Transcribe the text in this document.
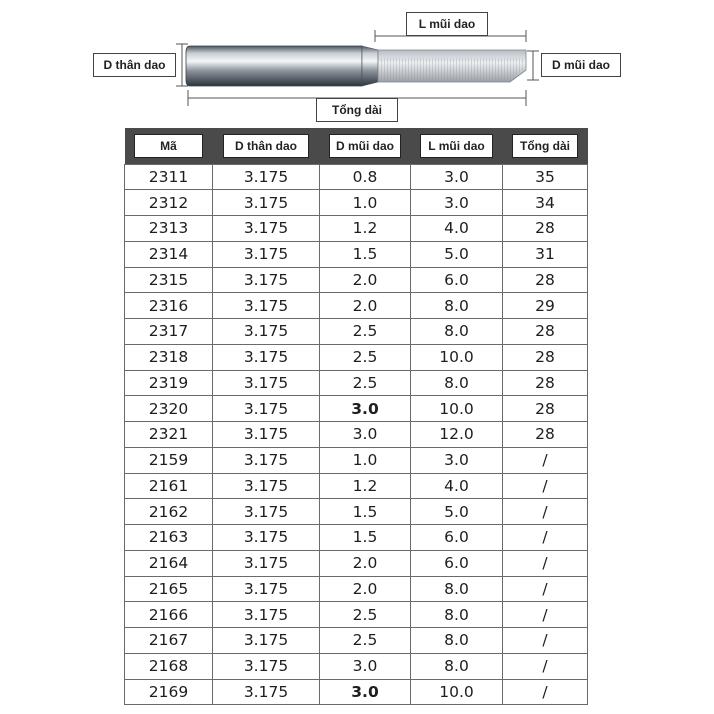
L mũi dao
D thân dao	D mũi dao
Tổng dài
Mã	D thân dao	D mũi dao	L mũi dao	Tổng dài

2311	3.175	0.8	3.0	35
2312	3.175	1.0	3.0	34
2313	3.175	1.2	4.0	28
2314	3.175	1.5	5.0	31
2315	3.175	2.0	6.0	28
2316	3.175	2.0	8.0	29
2317	3.175	2.5	8.0	28
2318	3.175	2.5	10.0	28
2319	3.175	2.5	8.0	28
2320	3.175	3.0	10.0	28
2321	3.175	3.0	12.0	28
2159	3.175	1.0	3.0	/
2161	3.175	1.2	4.0	/
2162	3.175	1.5	5.0	/
2163	3.175	1.5	6.0	/
2164	3.175	2.0	6.0	/
2165	3.175	2.0	8.0	/
2166	3.175	2.5	8.0	/
2167	3.175	2.5	8.0	/
2168	3.175	3.0	8.0	/
2169	3.175	3.0	10.0	/
